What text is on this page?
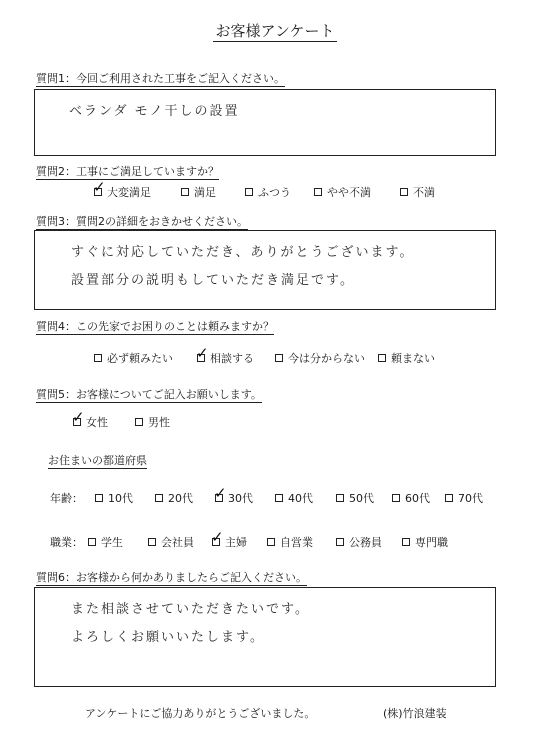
お客様アンケート
質問1：今回ご利用された工事をご記入ください。
ベランダ モノ干しの設置
質問2：工事にご満足していますか？
✓ 大変満足	満足	ふつう	やや不満	不満
質問3：質問2の詳細をおきかせください。
すぐに対応していただき、ありがとうございます。
設置部分の説明もしていただき満足です。
質問4：この先家でお困りのことは頼みますか？
必ず頼みたい ✓ 相談する	今は分からない 頼まない
質問5：お客様についてご記入お願いします。
✓ 女性	男性
お住まいの都道府県
年齢： 10代	20代 ✓ 30代	40代	50代	60代	70代
職業： 学生	会社員 ✓ 主婦	自営業	公務員	専門職
質問6：お客様から何かありましたらご記入ください。
また相談させていただきたいです。
よろしくお願いいたします。
アンケートにご協力ありがとうございました。	(株)竹浪建装
